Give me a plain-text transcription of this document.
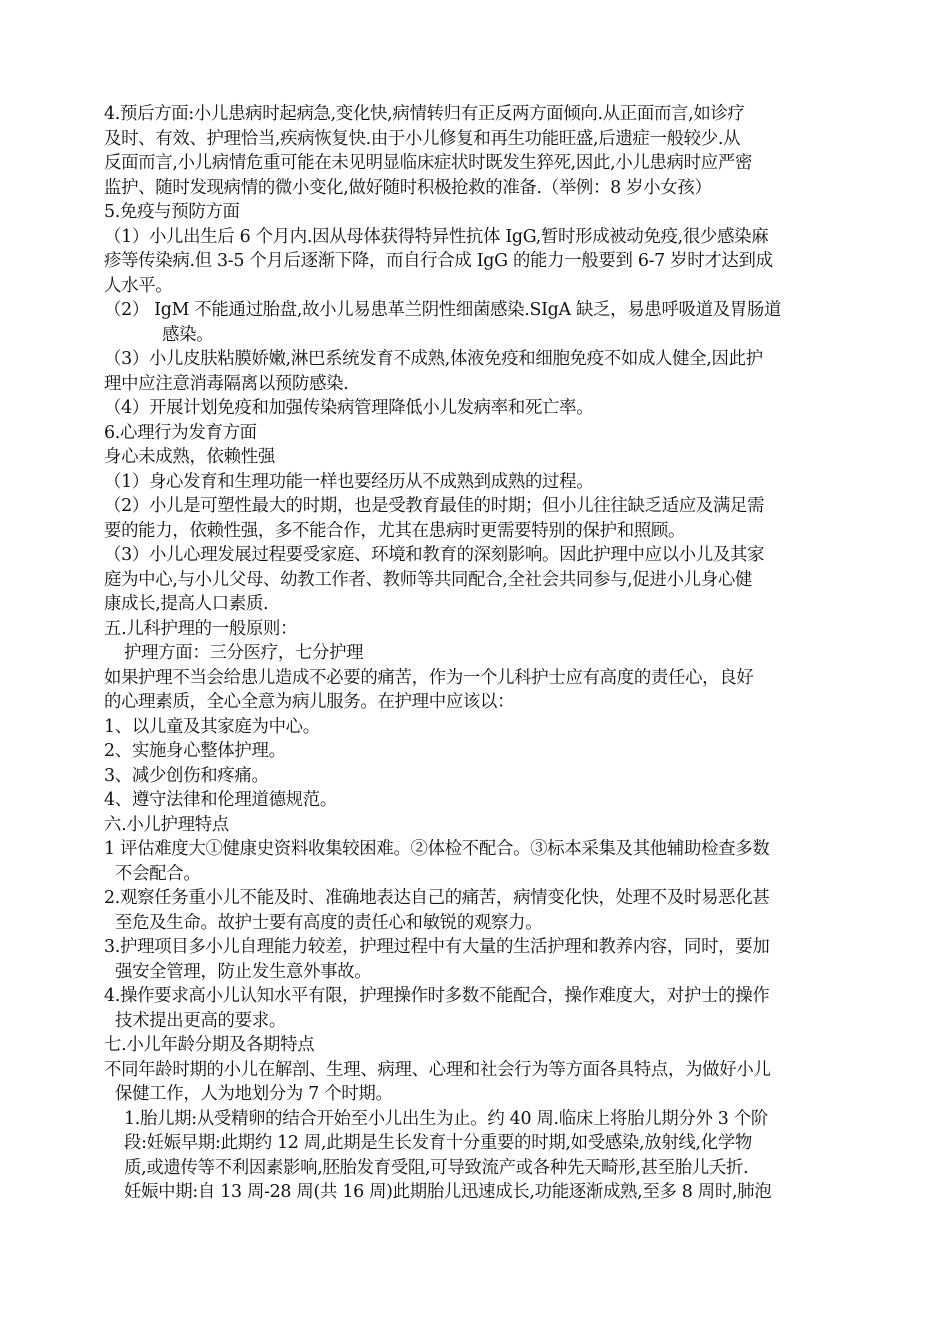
4.预后方面:小儿患病时起病急,变化快,病情转归有正反两方面倾向.从正面而言,如诊疗
及时、有效、护理恰当,疾病恢复快.由于小儿修复和再生功能旺盛,后遗症一般较少.从
反面而言,小儿病情危重可能在未见明显临床症状时既发生猝死,因此,小儿患病时应严密
监护、随时发现病情的微小变化,做好随时积极抢救的准备.（举例：8 岁小女孩）
5.免疫与预防方面
（1）小儿出生后 6 个月内.因从母体获得特异性抗体 IgG,暂时形成被动免疫,很少感染麻
疹等传染病.但 3-5 个月后逐渐下降，而自行合成 IgG 的能力一般要到 6-7 岁时才达到成
人水平。
（2） IgM 不能通过胎盘,故小儿易患革兰阴性细菌感染.SIgA 缺乏，易患呼吸道及胃肠道
感染。
（3）小儿皮肤粘膜娇嫩,淋巴系统发育不成熟,体液免疫和细胞免疫不如成人健全,因此护
理中应注意消毒隔离以预防感染.
（4）开展计划免疫和加强传染病管理降低小儿发病率和死亡率。
6.心理行为发育方面
身心未成熟，依赖性强
（1）身心发育和生理功能一样也要经历从不成熟到成熟的过程。
（2）小儿是可塑性最大的时期，也是受教育最佳的时期；但小儿往往缺乏适应及满足需
要的能力，依赖性强，多不能合作，尤其在患病时更需要特别的保护和照顾。
（3）小儿心理发展过程要受家庭、环境和教育的深刻影响。因此护理中应以小儿及其家
庭为中心,与小儿父母、幼教工作者、教师等共同配合,全社会共同参与,促进小儿身心健
康成长,提高人口素质.
五.儿科护理的一般原则：
护理方面：三分医疗，七分护理
如果护理不当会给患儿造成不必要的痛苦，作为一个儿科护士应有高度的责任心，良好
的心理素质，全心全意为病儿服务。在护理中应该以：
1、以儿童及其家庭为中心。
2、实施身心整体护理。
3、减少创伤和疼痛。
4、遵守法律和伦理道德规范。
六.小儿护理特点
1 评估难度大①健康史资料收集较困难。②体检不配合。③标本采集及其他辅助检查多数
不会配合。
2.观察任务重小儿不能及时、准确地表达自己的痛苦，病情变化快，处理不及时易恶化甚
至危及生命。故护士要有高度的责任心和敏锐的观察力。
3.护理项目多小儿自理能力较差，护理过程中有大量的生活护理和教养内容，同时，要加
强安全管理，防止发生意外事故。
4.操作要求高小儿认知水平有限，护理操作时多数不能配合，操作难度大，对护士的操作
技术提出更高的要求。
七.小儿年龄分期及各期特点
不同年龄时期的小儿在解剖、生理、病理、心理和社会行为等方面各具特点，为做好小儿
保健工作，人为地划分为 7 个时期。
1.胎儿期:从受精卵的结合开始至小儿出生为止。约 40 周.临床上将胎儿期分外 3 个阶
段:妊娠早期:此期约 12 周,此期是生长发育十分重要的时期,如受感染,放射线,化学物
质,或遗传等不利因素影响,胚胎发育受阻,可导致流产或各种先天畸形,甚至胎儿夭折.
妊娠中期:自 13 周-28 周(共 16 周)此期胎儿迅速成长,功能逐渐成熟,至多 8 周时,肺泡
